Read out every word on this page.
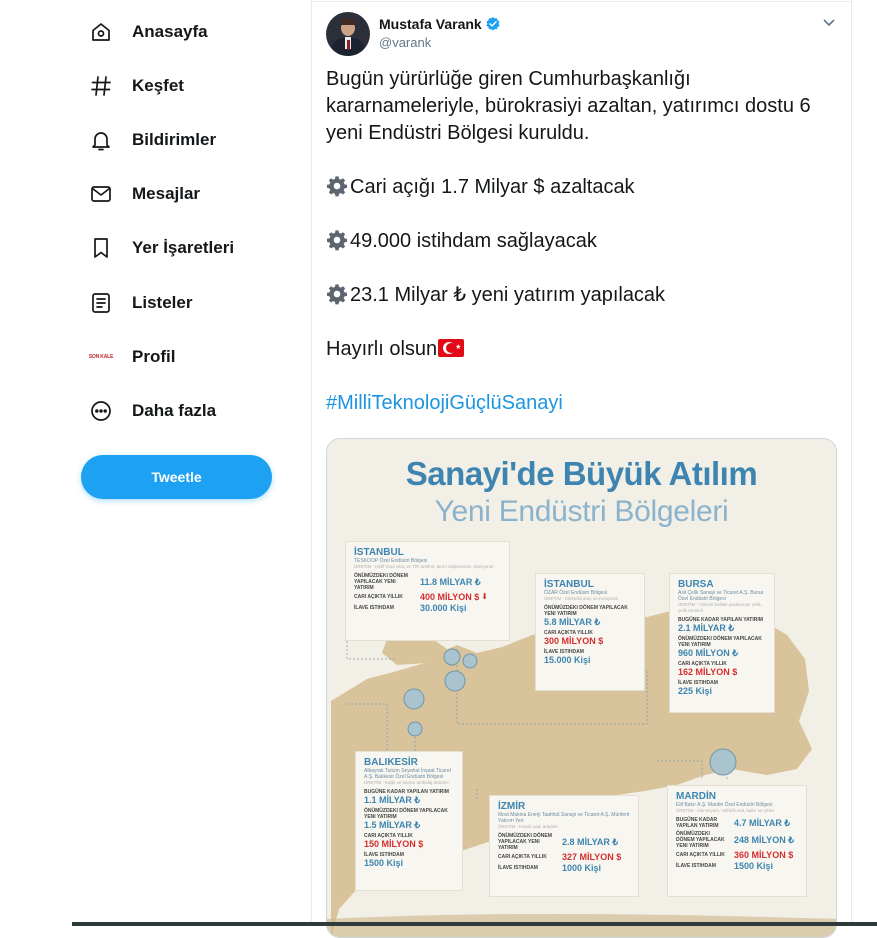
Anasayfa
Keşfet
Bildirimler
Mesajlar
Yer İşaretleri
Listeler
SON KALE Profil
Daha fazla
Tweetle
Mustafa Varank
@varank

Bugün yürürlüğe giren Cumhurbaşkanlığı kararnameleriyle, bürokrasiyi azaltan, yatırımcı dostu 6 yeni Endüstri Bölgesi kuruldu.

Cari açığı 1.7 Milyar $ azaltacak

49.000 istihdam sağlayacak

23.1 Milyar ₺ yeni yatırım yapılacak

Hayırlı olsun	★

#MilliTeknolojiGüçlüSanayi

Sanayi'de Büyük Atılım
Yeni Endüstri Bölgeleri
İSTANBUL
TESKOOP Özel Endüstri Bölgesi
ÜRETİM : Hafif ticari araç ve TIR üretimi, tarım ekipmanları, kamyonet
ÖNÜMÜZDEKI DÖNEM YAPILACAK YENI YATIRIM
11.8 MİLYAR ₺
CARI AÇIKTA YILLIK	400 MİLYON $ ⬇
İLAVE ISTIHDAM	30.000 Kişi
İSTANBUL
ÖZAR Özel Endüstri Bölgesi
ÜRETİM : Elektrikli araç ve Kompozit
ÖNÜMÜZDEKI DÖNEM YAPILACAK YENI YATIRIM
5.8 MİLYAR ₺
CARI AÇIKTA YILLIK
300 MİLYON $
İLAVE ISTIHDAM
15.000 Kişi
BURSA
Asil Çelik Sanayi ve Ticaret A.Ş. Bursa Özel Endüstri Bölgesi
ÜRETİM : Yüksek kaliteli paslanmaz çelik, çelik ürünleri
BUGÜNE KADAR YAPILAN YATIRIM
2.1 MİLYAR ₺
ÖNÜMÜZDEKI DÖNEM YAPILACAK YENI YATIRIM
960 MİLYON ₺
CARI AÇIKTA YILLIK
162 MİLYON $
İLAVE ISTIHDAM
225 Kişi
BALIKESİR
Albayrak Turizm Seyahat İnşaat Ticaret A.Ş. Balıkesir Özel Endüstri Bölgesi
ÜRETİM : Kağıt ve karton ambalaj ürünleri
BUGÜNE KADAR YAPILAN YATIRIM
1.1 MİLYAR ₺
ÖNÜMÜZDEKI DÖNEM YAPILACAK YENI YATIRIM
1.5 MİLYAR ₺
CARI AÇIKTA YILLIK
150 MİLYON $
İLAVE ISTIHDAM
1500 Kişi
İZMİR
Most Makina Enerji Taahhüt Sanayi ve Ticaret A.Ş. Münferit Yatırım Yeri
ÜRETİM : Havalı yapı araçları
ÖNÜMÜZDEKI DÖNEM YAPILACAK YENI YATIRIM
2.8 MİLYAR ₺
CARI AÇIKTA YILLIK	327 MİLYON $
İLAVE ISTIHDAM	1000 Kişi
MARDİN
Elif Bakır A.Ş. Mardin Özel Endüstri Bölgesi
ÜRETİM : Alüminyum, sülfürik asit, bakır ve çinko
BUGÜNE KADAR YAPILAN YATIRIM	4.7 MİLYAR ₺
ÖNÜMÜZDEKI DÖNEM YAPILACAK YENI YATIRIM
248 MİLYON ₺
CARI AÇIKTA YILLIK	360 MİLYON $
İLAVE ISTIHDAM	1500 Kişi
